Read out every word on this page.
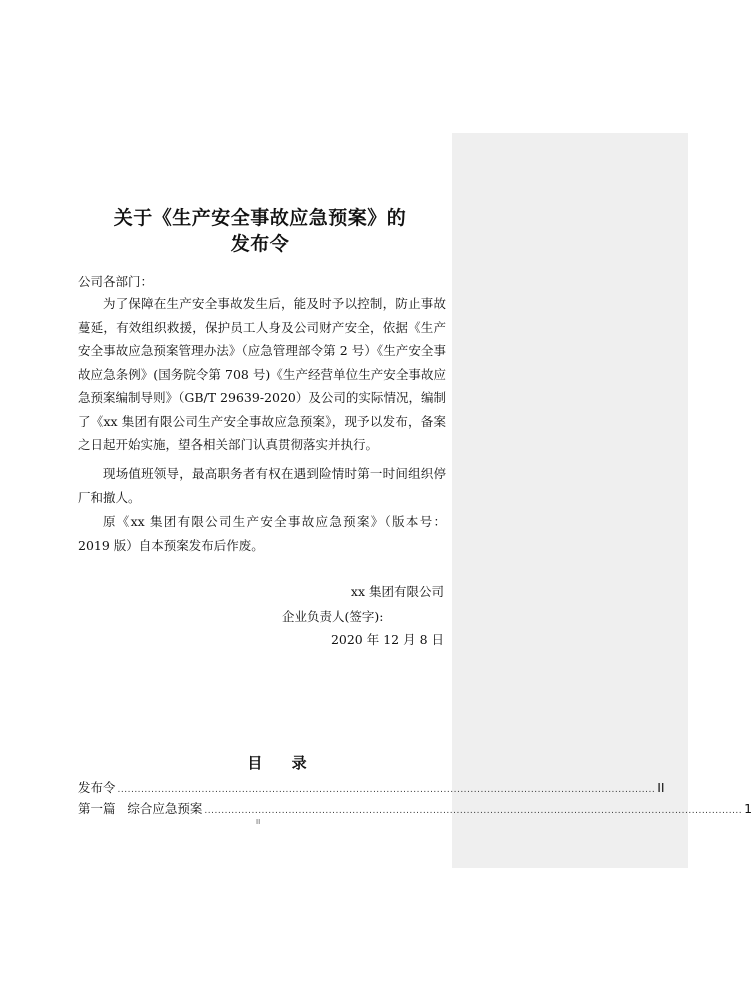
关于《生产安全事故应急预案》的
发布令
公司各部门：

为了保障在生产安全事故发生后，能及时予以控制，防止事故蔓延，有效组织救援，保护员工人身及公司财产安全，依据《生产安全事故应急预案管理办法》（应急管理部令第 2 号）《生产安全事故应急条例》(国务院令第 708 号)《生产经营单位生产安全事故应急预案编制导则》（GB/T 29639-2020）及公司的实际情况，编制了《xx 集团有限公司生产安全事故应急预案》，现予以发布，备案之日起开始实施，望各相关部门认真贯彻落实并执行。

现场值班领导，最高职务者有权在遇到险情时第一时间组织停厂和撤人。

原《xx 集团有限公司生产安全事故应急预案》（版本号：2019 版）自本预案发布后作废。

xx 集团有限公司
企业负责人(签字):
2020 年 12 月 8 日
目 录
发布令 ................................................................................................................................................................ II
第一篇   综合应急预案 ................................................................................................................................................................ 1
II
